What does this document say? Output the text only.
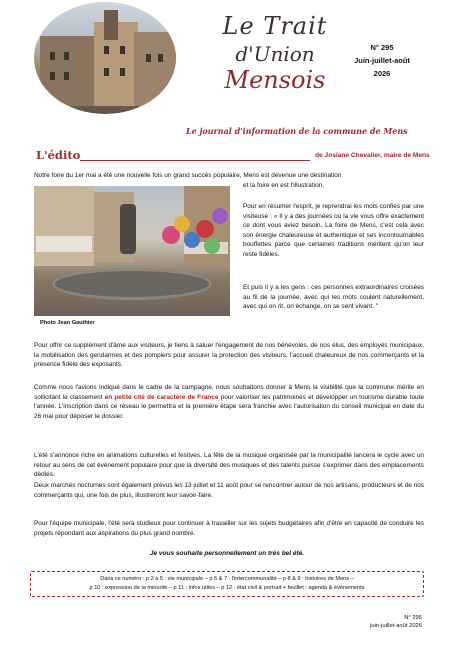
Le Trait
d'Union
Mensois
N° 295
Juin-juillet-août
2026
Le journal d'information de la commune de Mens
L'édito	de Josiane Chevalier, maire de Mens
Notre foire du 1er mai a été une nouvelle fois un grand succès populaire, Mens est devenue une destination
et la foire en est l'illustration.
Photo Jean Gauthier
Pour en résumer l'esprit, je reprendrai les mots confiés par une visiteuse : « Il y a des journées où la vie vous offre exactement ce dont vous aviez besoin. La foire de Mens, c'est cela avec son énergie chaleureuse et authentique et ses incontournables bouffettes parce que certaines traditions méritent qu'on leur reste fidèles.
Et puis il y a les gens : ces personnes extraordinaires croisées au fil de la journée, avec qui les mots coulent naturellement, avec qui on rit, on échange, on se sent vivant. "
Pour offrir ce supplément d'âme aux visiteurs, je tiens à saluer l'engagement de nos bénévoles, de nos élus, des employés municipaux, la mobilisation des gendarmes et des pompiers pour assurer la protection des visiteurs, l'accueil chaleureux de nos commerçants et la présence fidèle des exposants.
Comme nous l'avions indiqué dans le cadre de la campagne, nous souhaitons donner à Mens la visibilité que la commune mérite en sollicitant le classement en petite cité de caractère de France pour valoriser les patrimoines et développer un tourisme durable toute l'année. L'inscription dans ce réseau le permettra et la première étape sera franchie avec l'autorisation du conseil municipal en date du 26 mai pour déposer le dossier.
L'été s'annonce riche en animations culturelles et festives. La fête de la musique organisée par la municipalité lancera le cycle avec un retour au sens de cet évènement populaire pour que la diversité des musiques et des talents puisse s'exprimer dans des emplacements dédiés.
Deux marchés nocturnes sont également prévus les 13 juillet et 11 août pour se rencontrer autour de nos artisans, producteurs et de nos commerçants qui, une fois de plus, illustreront leur savoir-faire.
Pour l'équipe municipale, l'été sera studieux pour continuer à travailler sur les sujets budgétaires afin d'être en capacité de conduire les projets répondant aux aspirations du plus grand nombre.
Je vous souhaite personnellement un très bel été.
Dans ce numéro : p 2 à 5 : vie municipale – p 6 & 7 : l'intercommunalité – p 8 & 9 : histoires de Mens –
p 10 : expression de la minorité – p 11 : infos utiles – p 12 : état civil & portrait + feuillet : agenda & évènements
N° 295
juin-juillet-août 2026
